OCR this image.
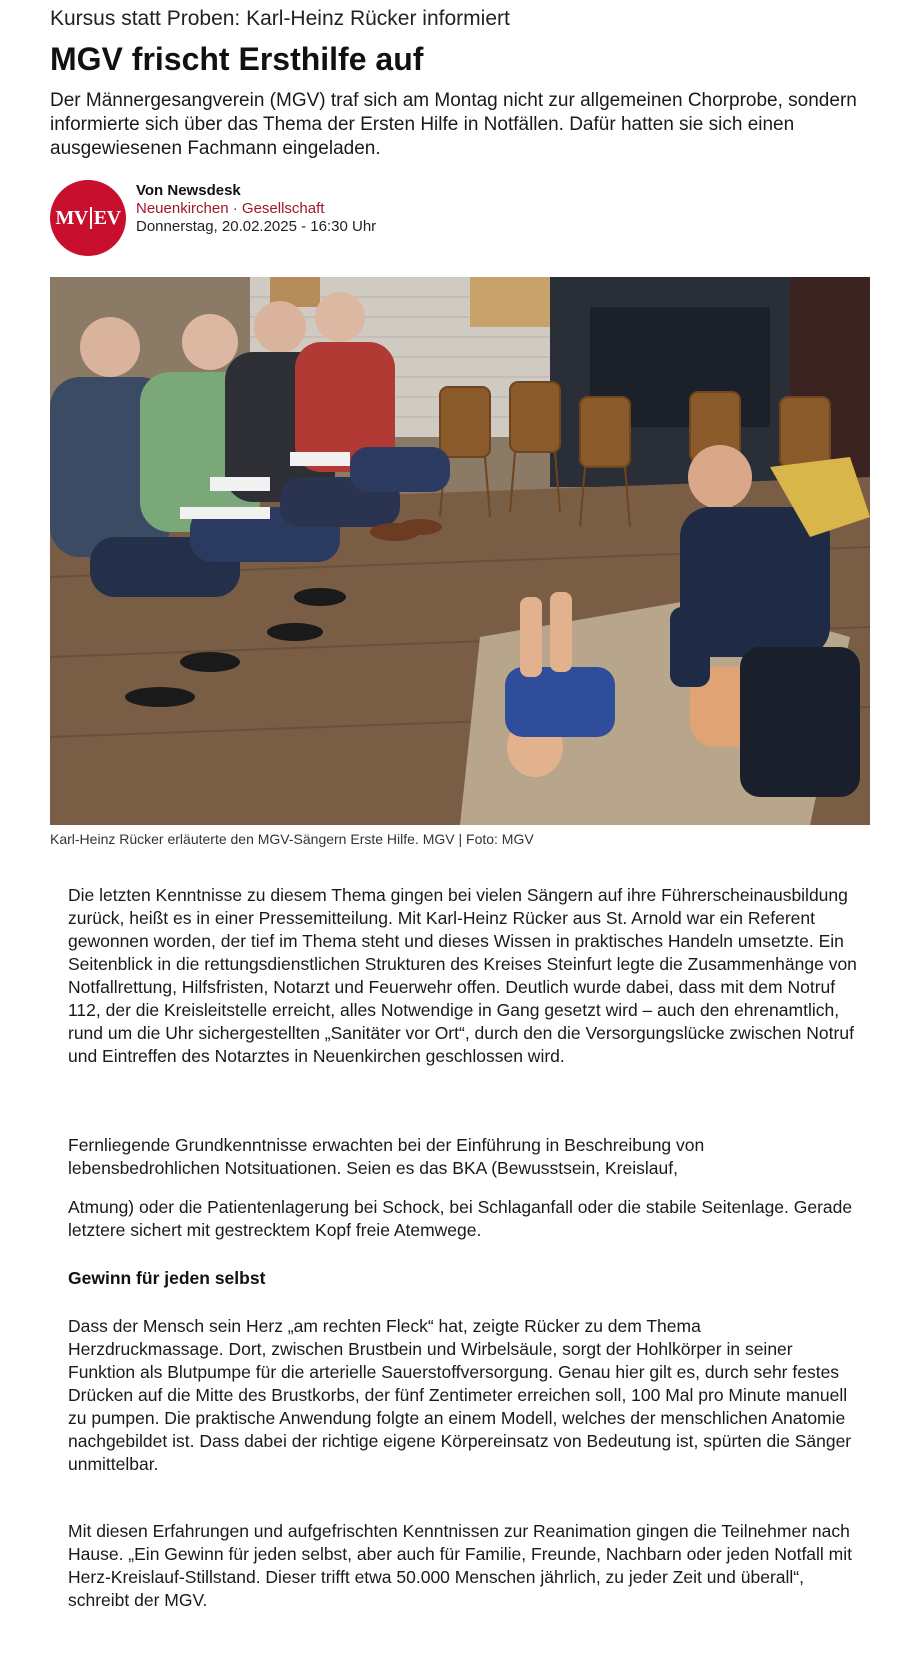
Kursus statt Proben: Karl-Heinz Rücker informiert
MGV frischt Ersthilfe auf

Der Männergesangverein (MGV) traf sich am Montag nicht zur allgemeinen Chorprobe, sondern informierte sich über das Thema der Ersten Hilfe in Notfällen. Dafür hatten sie sich einen ausgewiesenen Fachmann eingeladen.

MV EV
Von Newsdesk
Neuenkirchen · Gesellschaft
Donnerstag, 20.02.2025 - 16:30 Uhr
Karl-Heinz Rücker erläuterte den MGV-Sängern Erste Hilfe. MGV | Foto: MGV

Die letzten Kenntnisse zu diesem Thema gingen bei vielen Sängern auf ihre Führerscheinausbildung zurück, heißt es in einer Pressemitteilung. Mit Karl-Heinz Rücker aus St. Arnold war ein Referent gewonnen worden, der tief im Thema steht und dieses Wissen in praktisches Handeln umsetzte. Ein Seitenblick in die rettungsdienstlichen Strukturen des Kreises Steinfurt legte die Zusammenhänge von Notfallrettung, Hilfsfristen, Notarzt und Feuerwehr offen. Deutlich wurde dabei, dass mit dem Notruf 112, der die Kreisleitstelle erreicht, alles Notwendige in Gang gesetzt wird – auch den ehrenamtlich, rund um die Uhr sichergestellten „Sanitäter vor Ort“, durch den die Versorgungslücke zwischen Notruf und Eintreffen des Notarztes in Neuenkirchen geschlossen wird.

Fernliegende Grundkenntnisse erwachten bei der Einführung in Beschreibung von lebensbedrohlichen Notsituationen. Seien es das BKA (Bewusstsein, Kreislauf,

Atmung) oder die Patientenlagerung bei Schock, bei Schlaganfall oder die stabile Seitenlage. Gerade letztere sichert mit gestrecktem Kopf freie Atemwege.

Gewinn für jeden selbst

Dass der Mensch sein Herz „am rechten Fleck“ hat, zeigte Rücker zu dem Thema Herzdruckmassage. Dort, zwischen Brustbein und Wirbelsäule, sorgt der Hohlkörper in seiner Funktion als Blutpumpe für die arterielle Sauerstoffversorgung. Genau hier gilt es, durch sehr festes Drücken auf die Mitte des Brustkorbs, der fünf Zentimeter erreichen soll, 100 Mal pro Minute manuell zu pumpen. Die praktische Anwendung folgte an einem Modell, welches der menschlichen Anatomie nachgebildet ist. Dass dabei der richtige eigene Körpereinsatz von Bedeutung ist, spürten die Sänger unmittelbar.

Mit diesen Erfahrungen und aufgefrischten Kenntnissen zur Reanimation gingen die Teilnehmer nach Hause. „Ein Gewinn für jeden selbst, aber auch für Familie, Freunde, Nachbarn oder jeden Notfall mit Herz-Kreislauf-Stillstand. Dieser trifft etwa 50.000 Menschen jährlich, zu jeder Zeit und überall“, schreibt der MGV.
